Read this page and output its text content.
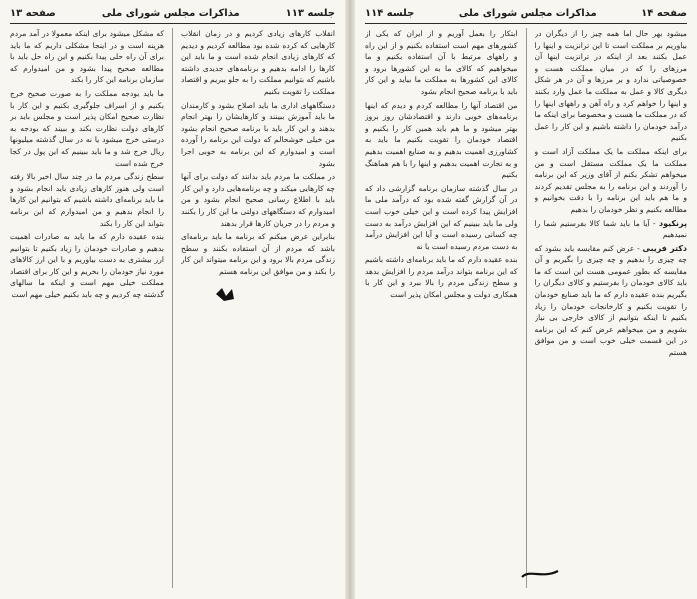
صفحه ۱۴
مذاکرات مجلس شورای ملی
جلسه ۱۱۴

میشود بهر حال اما همه چیز را از دیگران در بیاوریم بر مملکت است تا این ترانزیت و اینها را عمل بکنند بعد از اینکه در ترانزیت اینها آن مرزهای را که در میان مملکت هست و خصوصیاتی ندارد و بر مرزها و آن در هر شکل دیگری کالا و عمل به مملکت ما عمل وارد بکنند و اینها را خواهم کرد و راه آهن و راههای اینها را که در مملکت ما هست و مخصوصا برای اینکه ما درآمد خودمان را داشته باشیم و این کار را عمل بکنیم

برای اینکه مملکت ما یک مملکت آزاد است و مملکت ما یک مملکت مستقل است و من میخواهم تشکر بکنم از آقای وزیر که این برنامه را آوردند و این برنامه را به مجلس تقدیم کردند و ما هم باید این برنامه را با دقت بخوانیم و مطالعه بکنیم و نظر خودمان را بدهیم

پرنکیود - آیا ما باید شما کالا بفرستیم شما را نمیدهیم

دکتر فریبی - عرض کنم مقایسه باید بشود که چه چیزی را بدهیم و چه چیزی را بگیریم و آن مقایسه که بطور عمومی هست این است که ما باید کالای خودمان را بفرستیم و کالای دیگران را بگیریم بنده عقیده دارم که ما باید صنایع خودمان را تقویت بکنیم و کارخانجات خودمان را زیاد بکنیم تا اینکه بتوانیم از کالای خارجی بی نیاز بشویم و من میخواهم عرض کنم که این برنامه در این قسمت خیلی خوب است و من موافق هستم

ابتکار را بعمل آوریم و از ایران که یکی از کشورهای مهم است استفاده بکنیم و از این راه و راههای مرتبط با آن استفاده بکنیم و ما میخواهیم که کالای ما به این کشورها برود و کالای این کشورها به مملکت ما بیاید و این کار باید با برنامه صحیح انجام بشود

من اقتصاد آنها را مطالعه کردم و دیدم که اینها برنامه‌های خوبی دارند و اقتصادشان روز بروز بهتر میشود و ما هم باید همین کار را بکنیم و اقتصاد خودمان را تقویت بکنیم ما باید به کشاورزی اهمیت بدهیم و به صنایع اهمیت بدهیم و به تجارت اهمیت بدهیم و اینها را با هم هماهنگ بکنیم

در سال گذشته سازمان برنامه گزارشی داد که در آن گزارش گفته شده بود که درآمد ملی ما افزایش پیدا کرده است و این خیلی خوب است ولی ما باید ببینیم که این افزایش درآمد به دست چه کسانی رسیده است و آیا این افزایش درآمد به دست مردم رسیده است یا نه

بنده عقیده دارم که ما باید برنامه‌ای داشته باشیم که این برنامه بتواند درآمد مردم را افزایش بدهد و سطح زندگی مردم را بالا ببرد و این کار با همکاری دولت و مجلس امکان پذیر است

جلسه ۱۱۳
مذاکرات مجلس شورای ملی
صفحه ۱۳

انقلاب کارهای زیادی کردیم و در زمان انقلاب کارهایی که کرده شده بود مطالعه کردیم و دیدیم که کارهای زیادی انجام شده است و ما باید این کارها را ادامه بدهیم و برنامه‌های جدیدی داشته باشیم که بتوانیم مملکت را به جلو ببریم و اقتصاد مملکت را تقویت بکنیم

دستگاههای اداری ما باید اصلاح بشود و کارمندان ما باید آموزش ببینند و کارهایشان را بهتر انجام بدهند و این کار باید با برنامه صحیح انجام بشود من خیلی خوشحالم که دولت این برنامه را آورده است و امیدوارم که این برنامه به خوبی اجرا بشود

در مملکت ما مردم باید بدانند که دولت برای آنها چه کارهایی میکند و چه برنامه‌هایی دارد و این کار باید با اطلاع رسانی صحیح انجام بشود و من امیدوارم که دستگاههای دولتی ما این کار را بکنند و مردم را در جریان کارها قرار بدهند

بنابراین عرض میکنم که برنامه ما باید برنامه‌ای باشد که مردم از آن استفاده بکنند و سطح زندگی مردم بالا برود و این برنامه میتواند این کار را بکند و من موافق این برنامه هستم

که مشکل میشود برای اینکه معمولا در آمد مردم هزینه است و در اینجا مشکلی داریم که ما باید برای آن راه حلی پیدا بکنیم و این راه حل باید با مطالعه صحیح پیدا بشود و من امیدوارم که سازمان برنامه این کار را بکند

ما باید بودجه مملکت را به صورت صحیح خرج بکنیم و از اسراف جلوگیری بکنیم و این کار با نظارت صحیح امکان پذیر است و مجلس باید بر کارهای دولت نظارت بکند و ببیند که بودجه به درستی خرج میشود یا نه در سال گذشته میلیونها ریال خرج شد و ما باید ببینیم که این پول در کجا خرج شده است

سطح زندگی مردم ما در چند سال اخیر بالا رفته است ولی هنوز کارهای زیادی باید انجام بشود و ما باید برنامه‌ای داشته باشیم که بتوانیم این کارها را انجام بدهیم و من امیدوارم که این برنامه بتواند این کار را بکند

بنده عقیده دارم که ما باید به صادرات اهمیت بدهیم و صادرات خودمان را زیاد بکنیم تا بتوانیم ارز بیشتری به دست بیاوریم و با این ارز کالاهای مورد نیاز خودمان را بخریم و این کار برای اقتصاد مملکت خیلی مهم است و اینکه ما سالهای گذشته چه کردیم و چه باید بکنیم خیلی مهم است
